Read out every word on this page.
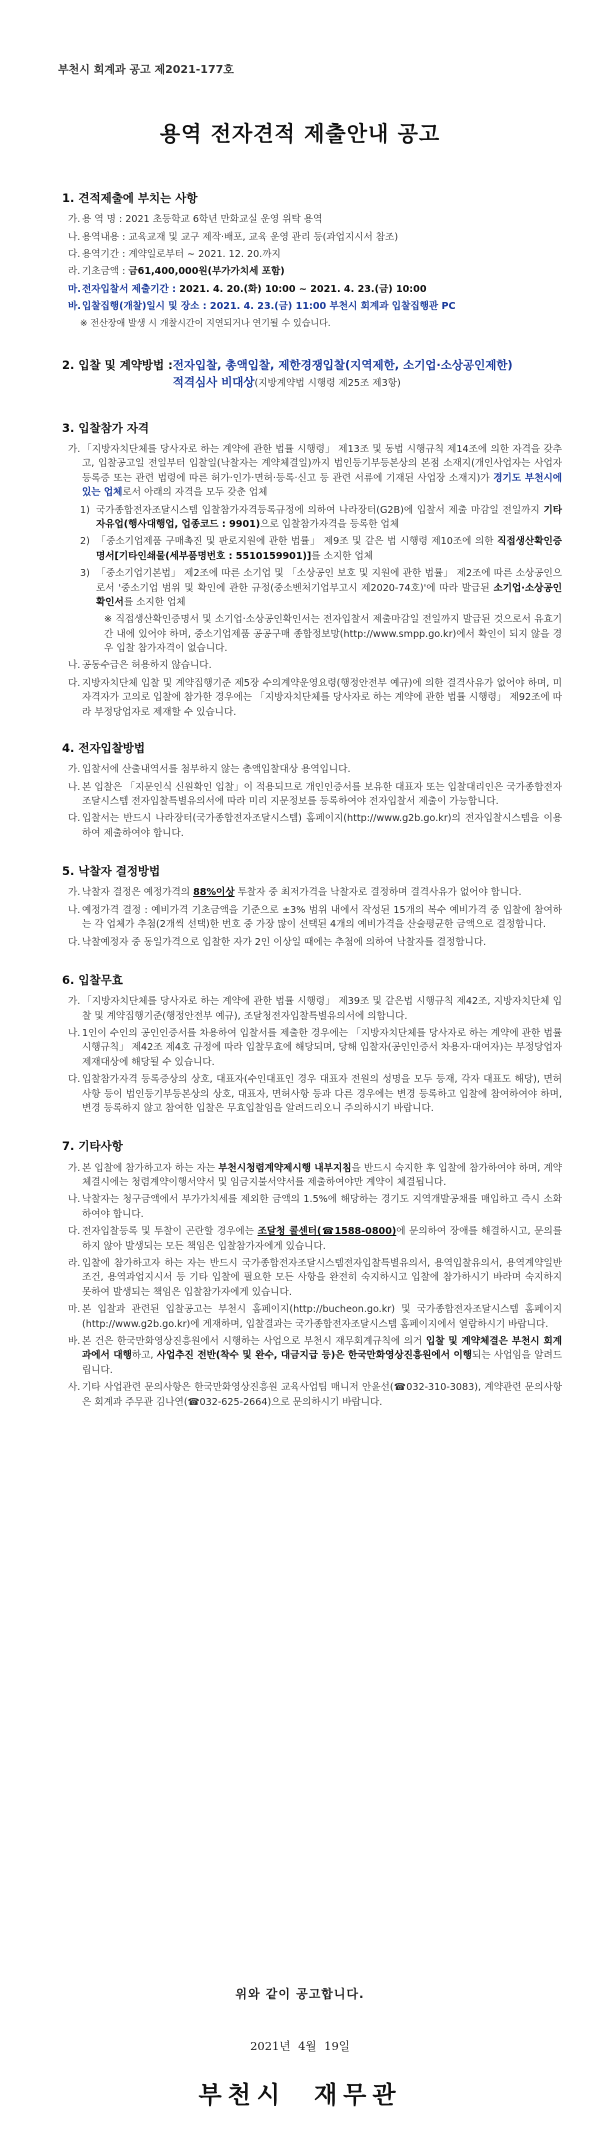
부천시 회계과 공고 제2021-177호
용역 전자견적 제출안내 공고
1. 견적제출에 부치는 사항
가. 용 역 명 : 2021 초등학교 6학년 만화교실 운영 위탁 용역
나. 용역내용 : 교육교재 및 교구 제작·배포, 교육 운영 관리 등(과업지시서 참조)
다. 용역기간 : 계약일로부터 ∼ 2021. 12. 20.까지
라. 기초금액 : 금61,400,000원(부가가치세 포함)
마. 전자입찰서 제출기간 : 2021. 4. 20.(화) 10:00 ∼ 2021. 4. 23.(금) 10:00
바. 입찰집행(개찰)일시 및 장소 : 2021. 4. 23.(금) 11:00 부천시 회계과 입찰집행관 PC
※ 전산장애 발생 시 개찰시간이 지연되거나 연기될 수 있습니다.
2. 입찰 및 계약방법 : 전자입찰, 총액입찰, 제한경쟁입찰(지역제한, 소기업·소상공인제한)
적격심사 비대상(지방계약법 시행령 제25조 제3항)
3. 입찰참가 자격
가. 「지방자치단체를 당사자로 하는 계약에 관한 법률 시행령」 제13조 및 동법 시행규칙 제14조에 의한 자격을 갖추고, 입찰공고일 전일부터 입찰일(낙찰자는 계약체결일)까지 법인등기부등본상의 본점 소재지(개인사업자는 사업자등록증 또는 관련 법령에 따른 허가·인가·면허·등록·신고 등 관련 서류에 기재된 사업장 소재지)가 경기도 부천시에 있는 업체로서 아래의 자격을 모두 갖춘 업체
1) 국가종합전자조달시스템 입찰참가자격등록규정에 의하여 나라장터(G2B)에 입찰서 제출 마감일 전일까지 기타자유업(행사대행업, 업종코드 : 9901)으로 입찰참가자격을 등록한 업체
2) 「중소기업제품 구매촉진 및 판로지원에 관한 법률」 제9조 및 같은 법 시행령 제10조에 의한 직접생산확인증명서[기타인쇄물(세부품명번호 : 5510159901)]를 소지한 업체
3) 「중소기업기본법」 제2조에 따른 소기업 및 「소상공인 보호 및 지원에 관한 법률」 제2조에 따른 소상공인으로서 '중소기업 범위 및 확인에 관한 규정(중소벤처기업부고시 제2020-74호)'에 따라 발급된 소기업·소상공인확인서를 소지한 업체
※ 직접생산확인증명서 및 소기업·소상공인확인서는 전자입찰서 제출마감일 전일까지 발급된 것으로서 유효기간 내에 있어야 하며, 중소기업제품 공공구매 종합정보망(http://www.smpp.go.kr)에서 확인이 되지 않을 경우 입찰 참가자격이 없습니다.
나. 공동수급은 허용하지 않습니다.
다. 지방자치단체 입찰 및 계약집행기준 제5장 수의계약운영요령(행정안전부 예규)에 의한 결격사유가 없어야 하며, 미자격자가 고의로 입찰에 참가한 경우에는 「지방자치단체를 당사자로 하는 계약에 관한 법률 시행령」 제92조에 따라 부정당업자로 제재할 수 있습니다.
4. 전자입찰방법
가. 입찰서에 산출내역서를 첨부하지 않는 총액입찰대상 용역입니다.
나. 본 입찰은 「지문인식 신원확인 입찰」이 적용되므로 개인인증서를 보유한 대표자 또는 입찰대리인은 국가종합전자조달시스템 전자입찰특별유의서에 따라 미리 지문정보를 등록하여야 전자입찰서 제출이 가능합니다.
다. 입찰서는 반드시 나라장터(국가종합전자조달시스템) 홈페이지(http://www.g2b.go.kr)의 전자입찰시스템을 이용하여 제출하여야 합니다.
5. 낙찰자 결정방법
가. 낙찰자 결정은 예정가격의 88%이상 투찰자 중 최저가격을 낙찰자로 결정하며 결격사유가 없어야 합니다.
나. 예정가격 결정 : 예비가격 기초금액을 기준으로 ±3% 범위 내에서 작성된 15개의 복수 예비가격 중 입찰에 참여하는 각 업체가 추첨(2개씩 선택)한 번호 중 가장 많이 선택된 4개의 예비가격을 산술평균한 금액으로 결정합니다.
다. 낙찰예정자 중 동일가격으로 입찰한 자가 2인 이상일 때에는 추첨에 의하여 낙찰자를 결정합니다.
6. 입찰무효
가. 「지방자치단체를 당사자로 하는 계약에 관한 법률 시행령」 제39조 및 같은법 시행규칙 제42조, 지방자치단체 입찰 및 계약집행기준(행정안전부 예규), 조달청전자입찰특별유의서에 의합니다.
나. 1인이 수인의 공인인증서를 차용하여 입찰서를 제출한 경우에는 「지방자치단체를 당사자로 하는 계약에 관한 법률 시행규칙」 제42조 제4호 규정에 따라 입찰무효에 해당되며, 당해 입찰자(공인인증서 차용자·대여자)는 부정당업자 제재대상에 해당될 수 있습니다.
다. 입찰참가자격 등록증상의 상호, 대표자(수인대표인 경우 대표자 전원의 성명을 모두 등재, 각자 대표도 해당), 면허사항 등이 법인등기부등본상의 상호, 대표자, 면허사항 등과 다른 경우에는 변경 등록하고 입찰에 참여하여야 하며, 변경 등록하지 않고 참여한 입찰은 무효입찰임을 알려드리오니 주의하시기 바랍니다.
7. 기타사항
가. 본 입찰에 참가하고자 하는 자는 부천시청렴계약제시행 내부지침을 반드시 숙지한 후 입찰에 참가하여야 하며, 계약 체결시에는 청렴계약이행서약서 및 임금지불서약서를 제출하여야만 계약이 체결됩니다.
나. 낙찰자는 청구금액에서 부가가치세를 제외한 금액의 1.5%에 해당하는 경기도 지역개발공채를 매입하고 즉시 소화하여야 합니다.
다. 전자입찰등록 및 투찰이 곤란할 경우에는 조달청 콜센터(☎1588-0800)에 문의하여 장애를 해결하시고, 문의를 하지 않아 발생되는 모든 책임은 입찰참가자에게 있습니다.
라. 입찰에 참가하고자 하는 자는 반드시 국가종합전자조달시스템전자입찰특별유의서, 용역입찰유의서, 용역계약일반조건, 용역과업지시서 등 기타 입찰에 필요한 모든 사항을 완전히 숙지하시고 입찰에 참가하시기 바라며 숙지하지 못하여 발생되는 책임은 입찰참가자에게 있습니다.
마. 본 입찰과 관련된 입찰공고는 부천시 홈페이지(http://bucheon.go.kr) 및 국가종합전자조달시스템 홈페이지(http://www.g2b.go.kr)에 게재하며, 입찰결과는 국가종합전자조달시스템 홈페이지에서 열람하시기 바랍니다.
바. 본 건은 한국만화영상진흥원에서 시행하는 사업으로 부천시 재무회계규칙에 의거 입찰 및 계약체결은 부천시 회계과에서 대행하고, 사업추진 전반(착수 및 완수, 대금지급 등)은 한국만화영상진흥원에서 이행되는 사업임을 알려드립니다.
사. 기타 사업관련 문의사항은 한국만화영상진흥원 교육사업팀 매니저 안윤선(☎032-310-3083), 계약관련 문의사항은 회계과 주무관 김나연(☎032-625-2664)으로 문의하시기 바랍니다.
위와 같이 공고합니다.
2021년 4월 19일
부천시 재무관
